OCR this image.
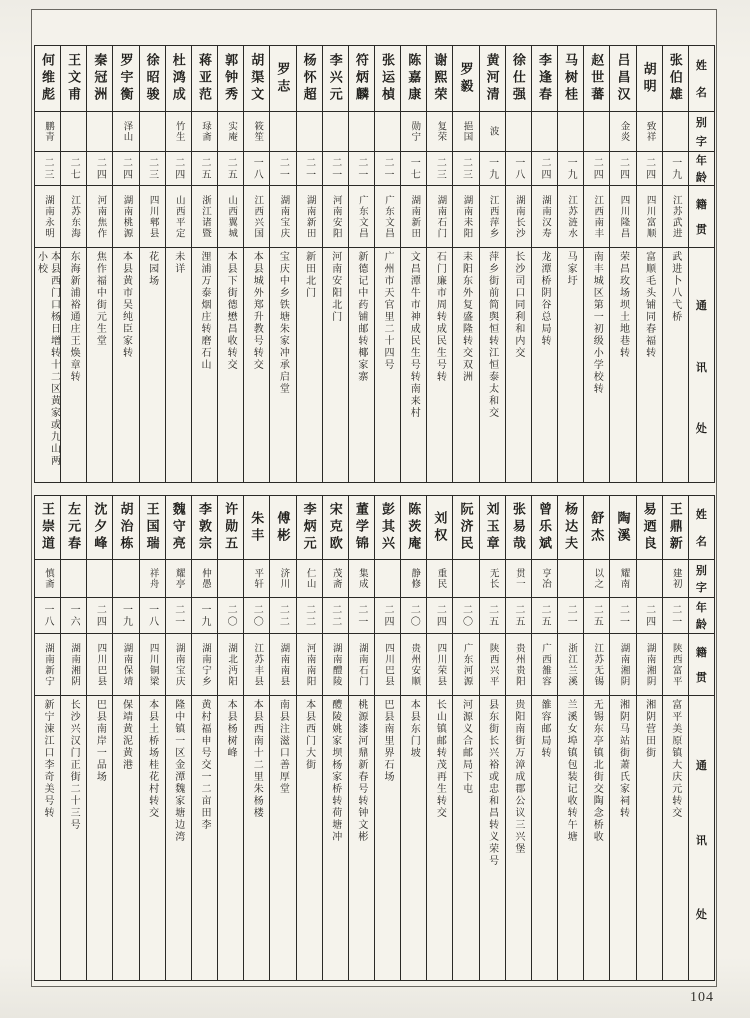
姓
名
别
字
年
龄
籍
贯
通
讯
处
张伯雄
一九
江苏武进
武进卜八弋桥
胡明
致祥
二四
四川富顺
富顺毛头铺同春福转
吕昌汉
金炎
二四
四川隆昌
荣昌玫场坝土地巷转
赵世蕃
二四
江西南丰
南丰城区第一初级小学校转
马树桂
一九
江苏涟水
马家圩
李逢春
二四
湖南汉寿
龙潭桥阴谷总局转
徐仕强
一八
湖南长沙
长沙司口同利和内交
黄河清
波
一九
江西萍乡
萍乡街前简舆恒转江恒泰太和交
罗毅
挹国
二三
湖南耒阳
耒阳东外复盛隆转交双洲
谢熙荣
复荣
二三
湖南石门
石门廉市周转成民生号转
陈嘉康
勋宁
一七
湖南新田
文昌潭牛市神成民生号转南来村
张运楨
二一
广东文昌
广州市天官里二十四号
符炳麟
二一
广东文昌
新德记中药铺邮转椰家寨
李兴元
二一
河南安阳
河南安阳北门
杨怀超
二一
湖南新田
新田北门
罗志
二一
湖南宝庆
宝庆中乡铁塘朱家冲承启堂
胡渠文
筱笙
一八
江西兴国
本县城外郑升教号转交
郭钟秀
实庵
二五
山西翼城
本县下街德懋昌收转交
蒋亚范
琭斋
二五
浙江诸暨
浬浦万泰烟庄转磨石山
杜鸿成
竹生
二四
山西平定
未详
徐昭骏
二三
四川郫县
花园场
罗宇衡
泽山
二四
湖南桃源
本县黄市吴纯臣家转
秦冠洲
二四
河南焦作
焦作福中街元生堂
王文甫
二七
江苏东海
东海新浦裕通庄王焕章转
何维彪
鹏青
二三
湖南永明
本县西门口杨日增转十二区黄家或九山两小校
姓
名
别
字
年
龄
籍
贯
通
讯
处
王鼎新
建初
二一
陕西富平
富平美原镇大庆元转交
易迺良
二四
湖南湘阴
湘阴营田街
陶溪
耀南
二一
湖南湘阴
湘阴马站街萧氏家祠转
舒杰
以之
二五
江苏无锡
无锡东亭镇北街交陶念桥收
杨达夫
二一
浙江兰溪
兰溪女埠镇包装记收转午塘
曾乐斌
亨冶
二五
广西雒容
雒容邮局转
张易哉
贯一
二五
贵州贵阳
贵阳南街万漳成郡公议三兴堡
刘玉章
无长
二五
陕西兴平
县东街长兴裕或忠和昌转义荣号
阮济民
二〇
广东河源
河源义合邮局下屯
刘权
重民
二四
四川荣县
长山镇邮转茂再生转交
陈茨庵
静修
二〇
贵州安顺
本县东门坡
彭其兴
二四
四川巴县
巴县南里界石场
董学锦
集成
二一
湖南石门
桃源漆河鼎新春号转钟文彬
宋克欧
茂斋
二二
湖南醴陵
醴陵姚家坝杨家桥转荷塘冲
李炳元
仁山
二二
河南南阳
本县西门大街
傅彬
济川
二二
湖南南县
南县注滋口善厚堂
朱丰
平轩
二〇
江苏丰县
本县西南十二里朱杨楼
许勋五
二〇
湖北沔阳
本县杨树峰
李敦宗
仲愚
一九
湖南宁乡
黄村福申号交一二亩田李
魏守亮
耀亭
二一
湖南宝庆
隆中镇一区金潭魏家塘边湾
王国瑞
祥舟
一八
四川铜梁
本县土桥场桂花村转交
胡治栋
一九
湖南保靖
保靖黄泥黄港
沈夕峰
二四
四川巴县
巴县南岸一品场
左元春
一六
湖南湘阴
长沙兴汉门正街二十三号
王崇道
慎斋
一八
湖南新宁
新宁涑江口李奇美号转
104
